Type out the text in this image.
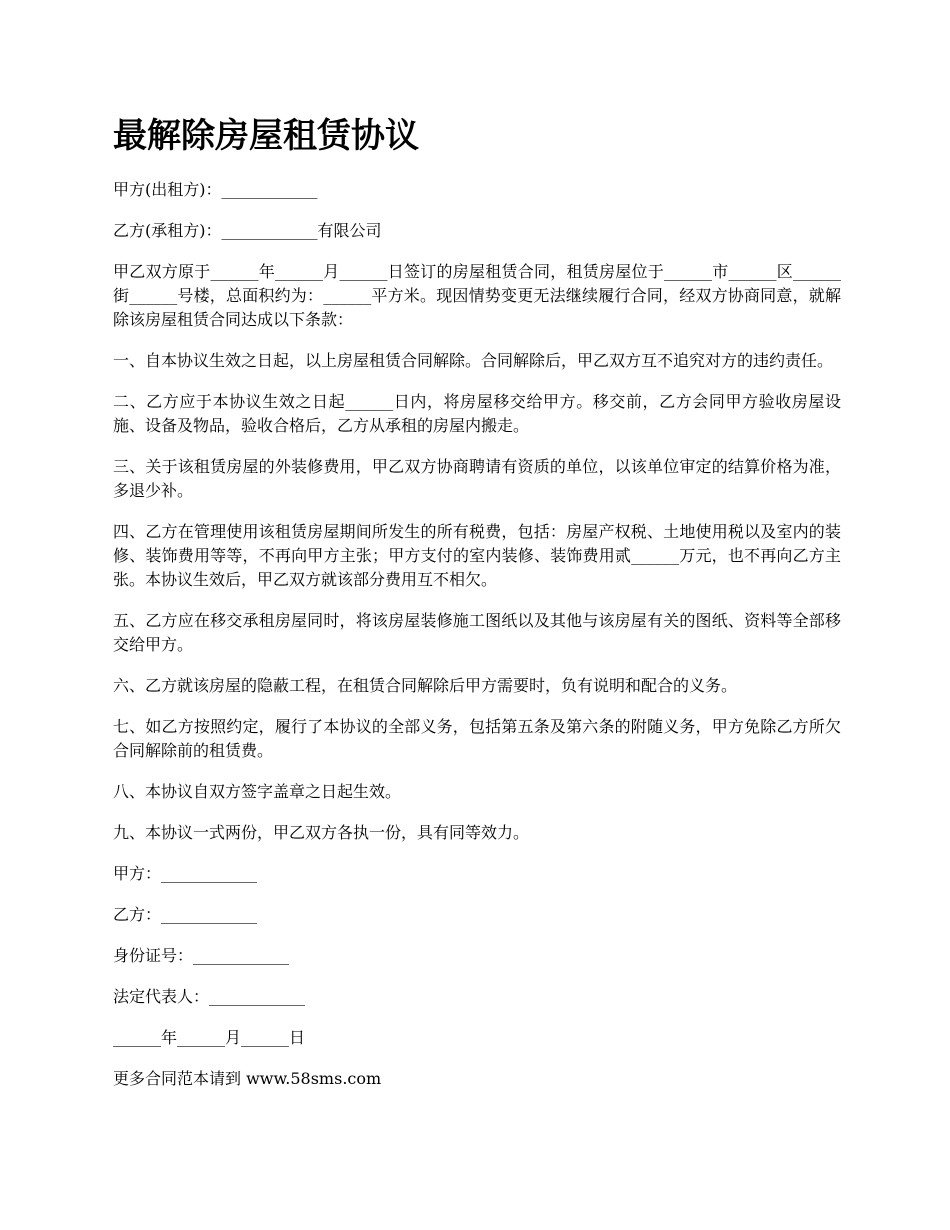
最解除房屋租赁协议

甲方(出租方)：____________

乙方(承租方)：____________有限公司

甲乙双方原于______年______月______日签订的房屋租赁合同，租赁房屋位于______市______区______街______号楼，总面积约为：______平方米。现因情势变更无法继续履行合同，经双方协商同意，就解除该房屋租赁合同达成以下条款：

一、自本协议生效之日起，以上房屋租赁合同解除。合同解除后，甲乙双方互不追究对方的违约责任。

二、乙方应于本协议生效之日起______日内，将房屋移交给甲方。移交前，乙方会同甲方验收房屋设施、设备及物品，验收合格后，乙方从承租的房屋内搬走。

三、关于该租赁房屋的外装修费用，甲乙双方协商聘请有资质的单位，以该单位审定的结算价格为准，多退少补。

四、乙方在管理使用该租赁房屋期间所发生的所有税费，包括：房屋产权税、土地使用税以及室内的装修、装饰费用等等，不再向甲方主张；甲方支付的室内装修、装饰费用贰______万元，也不再向乙方主张。本协议生效后，甲乙双方就该部分费用互不相欠。

五、乙方应在移交承租房屋同时，将该房屋装修施工图纸以及其他与该房屋有关的图纸、资料等全部移交给甲方。

六、乙方就该房屋的隐蔽工程，在租赁合同解除后甲方需要时，负有说明和配合的义务。

七、如乙方按照约定，履行了本协议的全部义务，包括第五条及第六条的附随义务，甲方免除乙方所欠合同解除前的租赁费。

八、本协议自双方签字盖章之日起生效。

九、本协议一式两份，甲乙双方各执一份，具有同等效力。

甲方：____________

乙方：____________

身份证号：____________

法定代表人：____________

______年______月______日

更多合同范本请到 www.58sms.com
